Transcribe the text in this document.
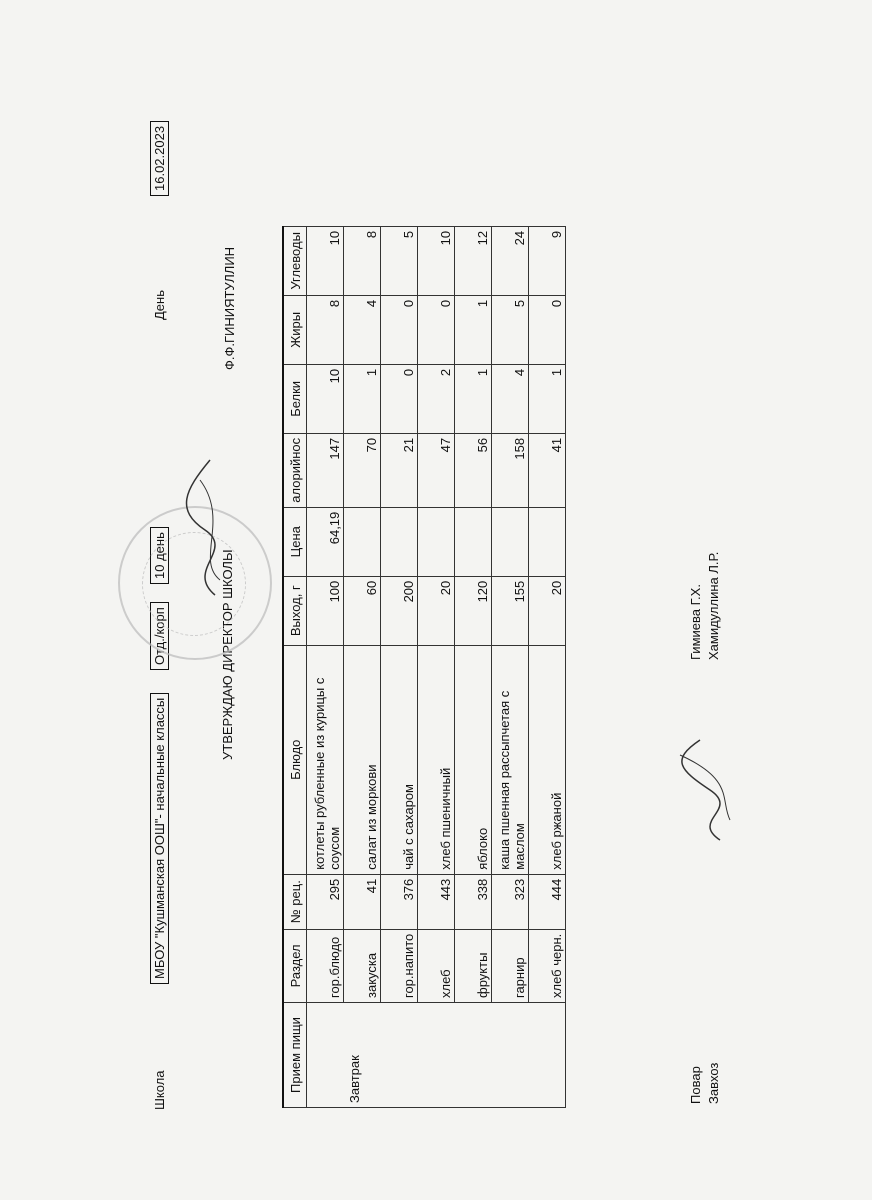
Школа
МБОУ "Кушманская ООШ"- начальные классы
Отд./корп
10 день
День
16.02.2023
УТВЕРЖДАЮ ДИРЕКТОР ШКОЛЫ
Ф.Ф.ГИНИЯТУЛЛИН
Прием пищи	Раздел	№ рец.	Блюдо	Выход, г	Цена	алорийнос	Белки	Жиры	Углеводы
Завтрак	гор.блюдо	295	котлеты рубленные из курицы с соусом	100	64,19	147	10	8	10
	закуска	41	салат из моркови	60		70	1	4	8
	гор.напито	376	чай с сахаром	200		21	0	0	5
	хлеб	443	хлеб пшеничный	20		47	2	0	10
	фрукты	338	яблоко	120		56	1	1	12
	гарнир	323	каша пшенная рассыпчетая с маслом	155		158	4	5	24
	хлеб черн.	444	хлеб ржаной	20		41	1	0	9
Повар Завхоз
Гимиева Г.Х. Хамидуллина Л.Р.
